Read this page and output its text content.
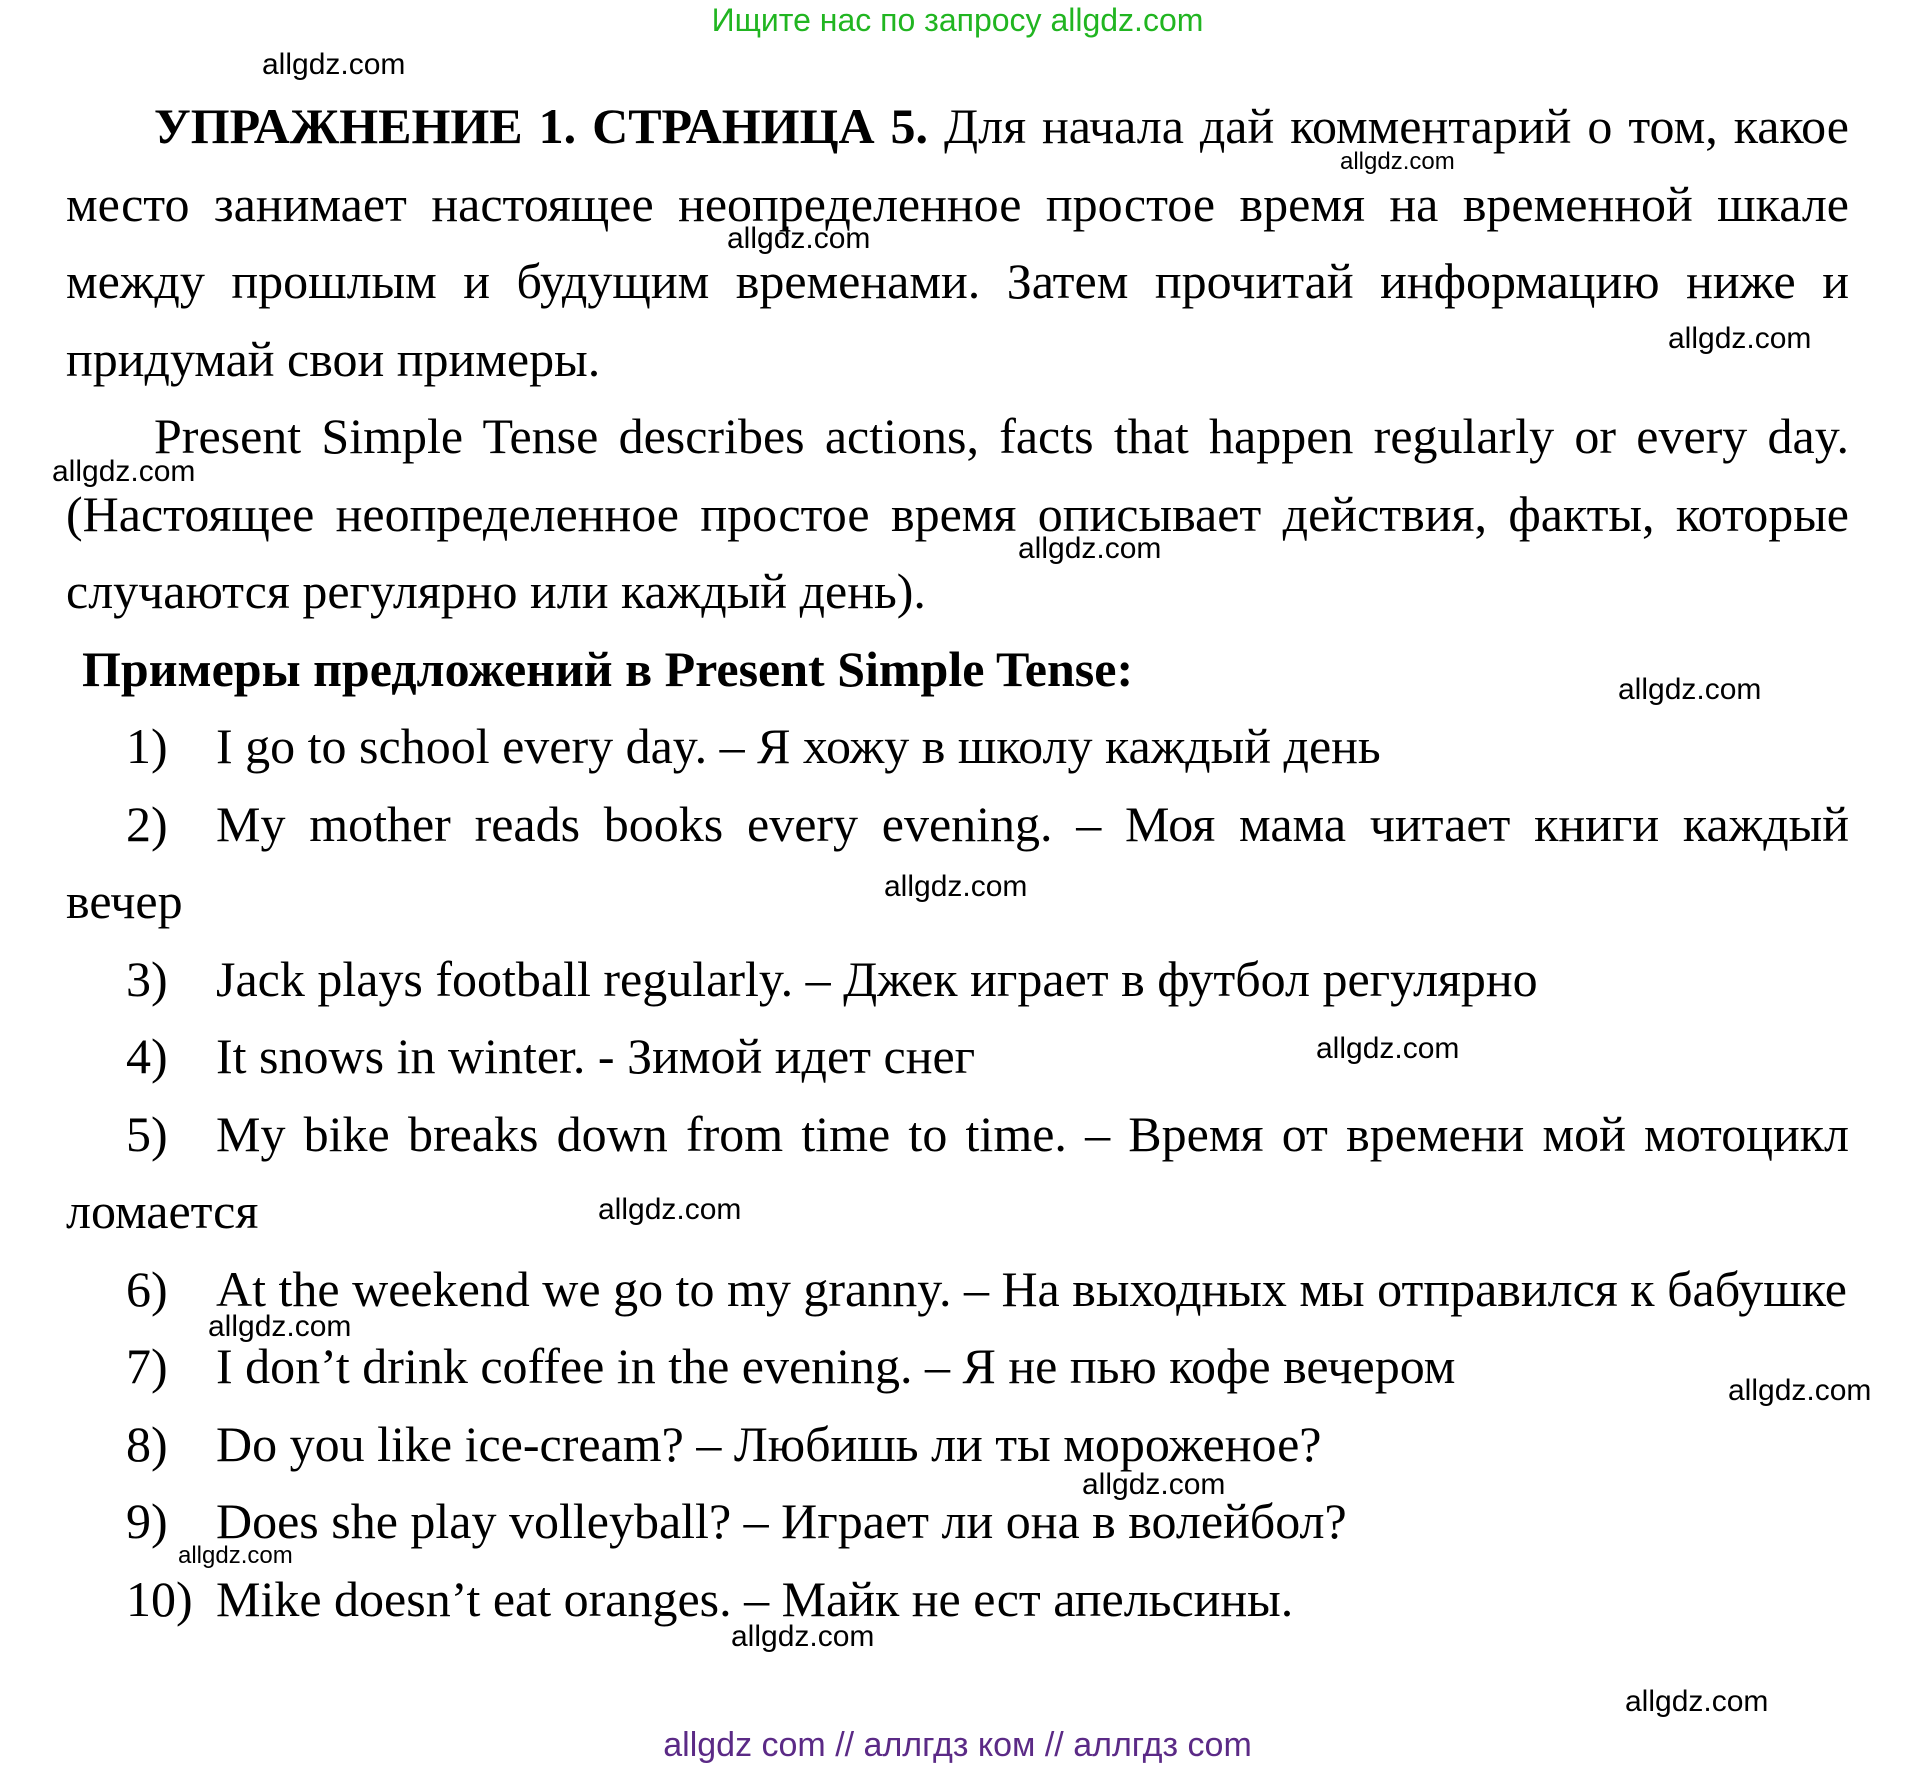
Ищите нас по запросу allgdz.com

УПРАЖНЕНИЕ 1. СТРАНИЦА 5. Для начала дай комментарий о том, какое место занимает настоящее неопределенное простое время на временной шкале между прошлым и будущим временами. Затем прочитай информацию ниже и придумай свои примеры.

Present Simple Tense describes actions, facts that happen regularly or every day. (Настоящее неопределенное простое время описывает действия, факты, которые случаются регулярно или каждый день).

Примеры предложений в Present Simple Tense:

1) I go to school every day. – Я хожу в школу каждый день

2) My mother reads books every evening. – Моя мама читает книги каждый вечер

3) Jack plays football regularly. – Джек играет в футбол регулярно

4) It snows in winter. - Зимой идет снег

5) My bike breaks down from time to time. – Время от времени мой мотоцикл ломается

6) At the weekend we go to my granny. – На выходных мы отправился к бабушке

7) I don’t drink coffee in the evening. – Я не пью кофе вечером

8) Do you like ice-cream? – Любишь ли ты мороженое?

9) Does she play volleyball? – Играет ли она в волейбол?

10) Mike doesn’t eat oranges. – Майк не ест апельсины.

allgdz.com
allgdz.com
allgdz.com
allgdz.com
allgdz.com
allgdz.com
allgdz.com
allgdz.com
allgdz.com
allgdz.com
allgdz.com
allgdz.com
allgdz.com
allgdz.com
allgdz.com
allgdz.com
allgdz com // аллгдз ком // аллгдз com
